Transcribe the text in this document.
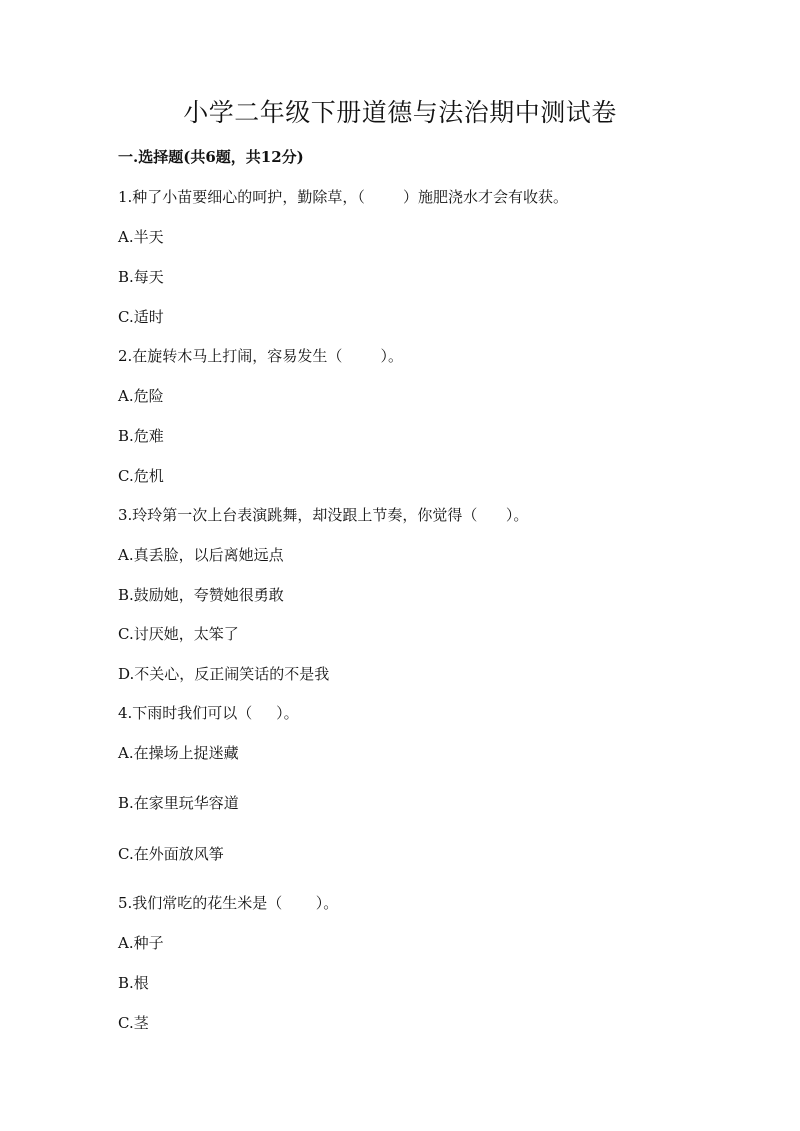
小学二年级下册道德与法治期中测试卷
一.选择题(共6题，共12分)
1.种了小苗要细心的呵护，勤除草，（        ）施肥浇水才会有收获。
A.半天
B.每天
C.适时
2.在旋转木马上打闹，容易发生（        ）。
A.危险
B.危难
C.危机
3.玲玲第一次上台表演跳舞，却没跟上节奏，你觉得（      ）。
A.真丢脸，以后离她远点
B.鼓励她，夸赞她很勇敢
C.讨厌她，太笨了
D.不关心，反正闹笑话的不是我
4.下雨时我们可以（     ）。
A.在操场上捉迷藏
B.在家里玩华容道
C.在外面放风筝
5.我们常吃的花生米是（       ）。
A.种子
B.根
C.茎
